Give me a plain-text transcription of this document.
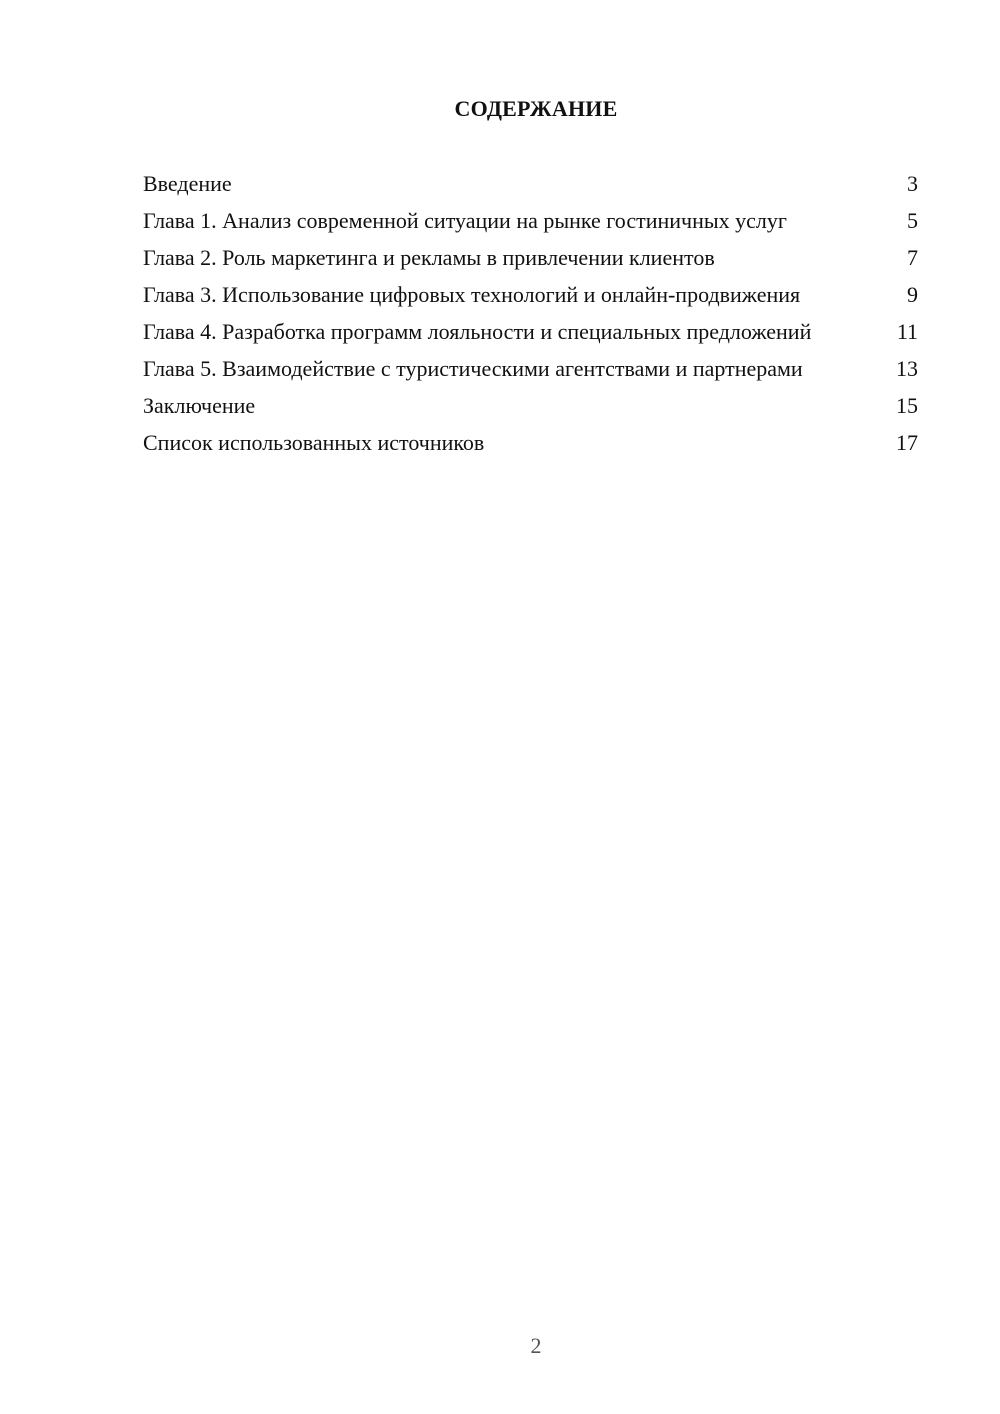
СОДЕРЖАНИЕ
Введение	3
Глава 1. Анализ современной ситуации на рынке гостиничных услуг	5
Глава 2. Роль маркетинга и рекламы в привлечении клиентов	7
Глава 3. Использование цифровых технологий и онлайн-продвижения	9
Глава 4. Разработка программ лояльности и специальных предложений	11
Глава 5. Взаимодействие с туристическими агентствами и партнерами	13
Заключение	15
Список использованных источников	17
2
